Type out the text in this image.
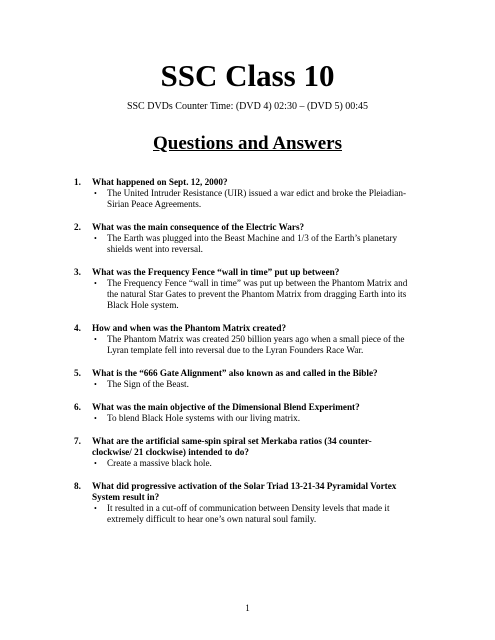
SSC Class 10

SSC DVDs Counter Time: (DVD 4) 02:30 – (DVD 5) 00:45

Questions and Answers
1. What happened on Sept. 12, 2000?
• The United Intruder Resistance (UIR) issued a war edict and broke the Pleiadian-
Sirian Peace Agreements.
2. What was the main consequence of the Electric Wars?
• The Earth was plugged into the Beast Machine and 1/3 of the Earth’s planetary
shields went into reversal.
3. What was the Frequency Fence “wall in time” put up between?
• The Frequency Fence “wall in time” was put up between the Phantom Matrix and
the natural Star Gates to prevent the Phantom Matrix from dragging Earth into its
Black Hole system.
4. How and when was the Phantom Matrix created?
• The Phantom Matrix was created 250 billion years ago when a small piece of the
Lyran template fell into reversal due to the Lyran Founders Race War.
5. What is the “666 Gate Alignment” also known as and called in the Bible?
• The Sign of the Beast.
6. What was the main objective of the Dimensional Blend Experiment?
• To blend Black Hole systems with our living matrix.
7. What are the artificial same-spin spiral set Merkaba ratios (34 counter-
clockwise/ 21 clockwise) intended to do?
• Create a massive black hole.
8. What did progressive activation of the Solar Triad 13-21-34 Pyramidal Vortex
System result in?
• It resulted in a cut-off of communication between Density levels that made it
extremely difficult to hear one’s own natural soul family.
1
